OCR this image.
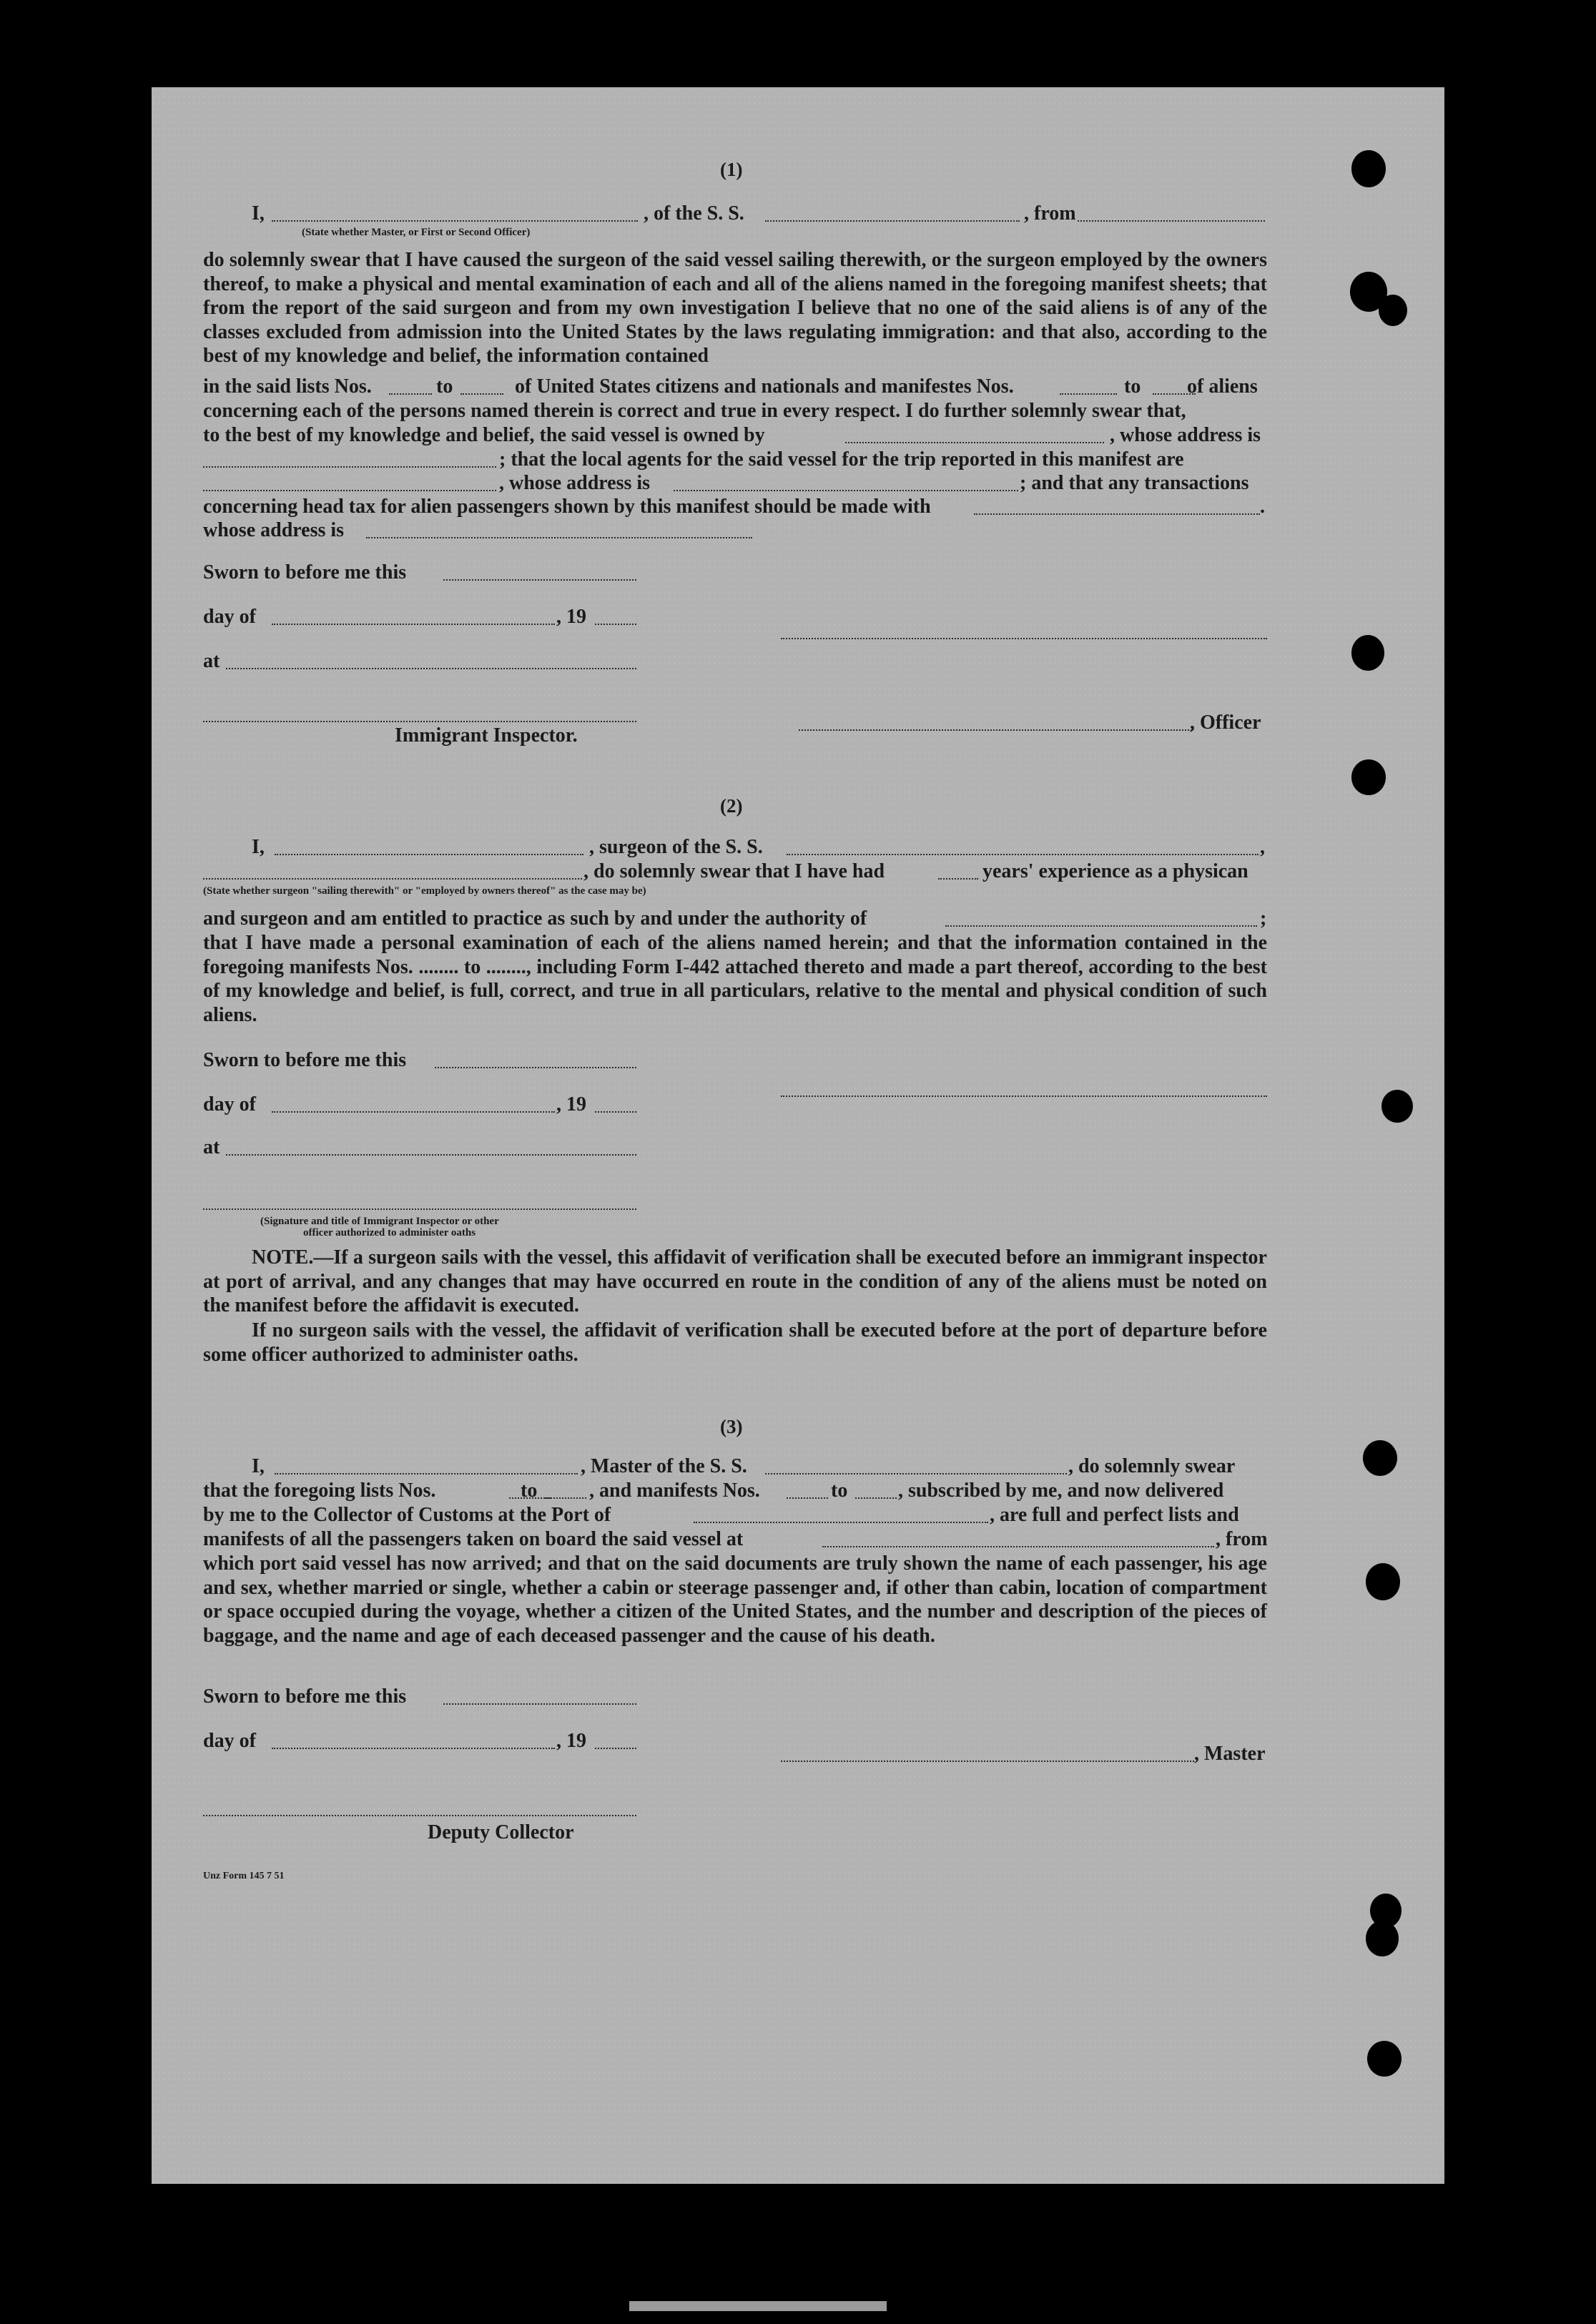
(1)
I,	, of the S. S.	, from
(State whether Master, or First or Second Officer)
do solemnly swear that I have caused the surgeon of the said vessel sailing therewith, or the surgeon employed by the owners thereof, to make a physical and mental examination of each and all of the aliens named in the foregoing manifest sheets; that from the report of the said surgeon and from my own investigation I believe that no one of the said aliens is of any of the classes excluded from admission into the United States by the laws regulating immigration: and that also, according to the best of my knowledge and belief, the information contained
in the said lists Nos.	to	of United States citizens and nationals and manifestes Nos.	to of aliens
concerning each of the persons named therein is correct and true in every respect. I do further solemnly swear that,
to the best of my knowledge and belief, the said vessel is owned by	, whose address is
; that the local agents for the said vessel for the trip reported in this manifest are
, whose address is	; and that any transactions
concerning head tax for alien passengers shown by this manifest should be made with	.
whose address is
Sworn to before me this
day of	, 19
at
, Officer
Immigrant Inspector.
(2)
I,	, surgeon of the S. S.	,
, do solemnly swear that I have had	years' experience as a physican
(State whether surgeon "sailing therewith" or "employed by owners thereof" as the case may be)
and surgeon and am entitled to practice as such by and under the authority of	;
that I have made a personal examination of each of the aliens named herein; and that the information contained in the foregoing manifests Nos. ........ to ........, including Form I-442 attached thereto and made a part thereof, according to the best of my knowledge and belief, is full, correct, and true in all particulars, relative to the mental and physical condition of such aliens.
Sworn to before me this
day of	, 19
at
(Signature and title of Immigrant Inspector or other
officer authorized to administer oaths
NOTE.—If a surgeon sails with the vessel, this affidavit of verification shall be executed before an immigrant inspector at port of arrival, and any changes that may have occurred en route in the condition of any of the aliens must be noted on the manifest before the affidavit is executed.
If no surgeon sails with the vessel, the affidavit of verification shall be executed before at the port of departure before some officer authorized to administer oaths.
(3)
I,	, Master of the S. S.	, do solemnly swear
that the foregoing lists Nos.	to	, and manifests Nos.	to	, subscribed by me, and now delivered
by me to the Collector of Customs at the Port of	, are full and perfect lists and
manifests of all the passengers taken on board the said vessel at	, from
which port said vessel has now arrived; and that on the said documents are truly shown the name of each passenger, his age and sex, whether married or single, whether a cabin or steerage passenger and, if other than cabin, location of compartment or space occupied during the voyage, whether a citizen of the United States, and the number and description of the pieces of baggage, and the name and age of each deceased passenger and the cause of his death.
Sworn to before me this
day of	, 19
, Master
Deputy Collector
Unz Form 145 7 51
